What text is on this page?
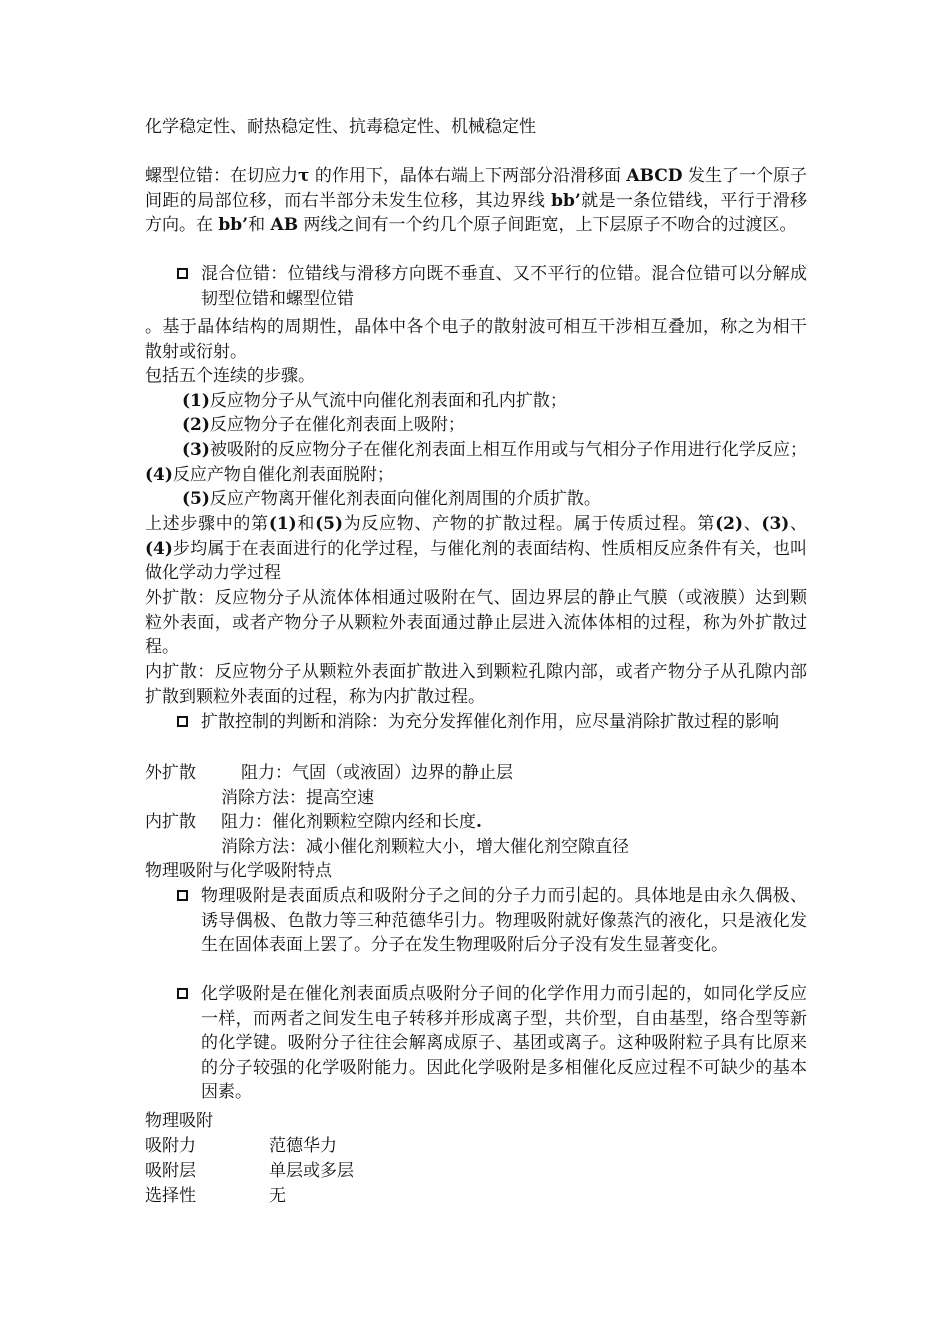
化学稳定性、耐热稳定性、抗毒稳定性、机械稳定性

螺型位错：在切应力τ 的作用下，晶体右端上下两部分沿滑移面 ABCD 发生了一个原子间距的局部位移，而右半部分未发生位移，其边界线 bb’就是一条位错线，平行于滑移方向。在 bb’和 AB 两线之间有一个约几个原子间距宽，上下层原子不吻合的过渡区。

混合位错：位错线与滑移方向既不垂直、又不平行的位错。混合位错可以分解成韧型位错和螺型位错

。基于晶体结构的周期性，晶体中各个电子的散射波可相互干涉相互叠加，称之为相干散射或衍射。

包括五个连续的步骤。

(1)反应物分子从气流中向催化剂表面和孔内扩散；

(2)反应物分子在催化剂表面上吸附；

(3)被吸附的反应物分子在催化剂表面上相互作用或与气相分子作用进行化学反应；(4)反应产物自催化剂表面脱附；

(5)反应产物离开催化剂表面向催化剂周围的介质扩散。

上述步骤中的第(1)和(5)为反应物、产物的扩散过程。属于传质过程。第(2)、(3)、(4)步均属于在表面进行的化学过程，与催化剂的表面结构、性质相反应条件有关，也叫做化学动力学过程

外扩散：反应物分子从流体体相通过吸附在气、固边界层的静止气膜（或液膜）达到颗粒外表面，或者产物分子从颗粒外表面通过静止层进入流体体相的过程，称为外扩散过程。

内扩散：反应物分子从颗粒外表面扩散进入到颗粒孔隙内部，或者产物分子从孔隙内部扩散到颗粒外表面的过程，称为内扩散过程。

扩散控制的判断和消除：为充分发挥催化剂作用，应尽量消除扩散过程的影响
外扩散	阻力：气固（或液固）边界的静止层
消除方法：提高空速
内扩散 阻力：催化剂颗粒空隙内经和长度.
消除方法：减小催化剂颗粒大小，增大催化剂空隙直径

物理吸附与化学吸附特点

物理吸附是表面质点和吸附分子之间的分子力而引起的。具体地是由永久偶极、诱导偶极、色散力等三种范德华引力。物理吸附就好像蒸汽的液化，只是液化发生在固体表面上罢了。分子在发生物理吸附后分子没有发生显著变化。
化学吸附是在催化剂表面质点吸附分子间的化学作用力而引起的，如同化学反应一样，而两者之间发生电子转移并形成离子型，共价型，自由基型，络合型等新的化学键。吸附分子往往会解离成原子、基团或离子。这种吸附粒子具有比原来的分子较强的化学吸附能力。因此化学吸附是多相催化反应过程不可缺少的基本因素。

物理吸附

吸附力	范德华力
吸附层	单层或多层
选择性	无
